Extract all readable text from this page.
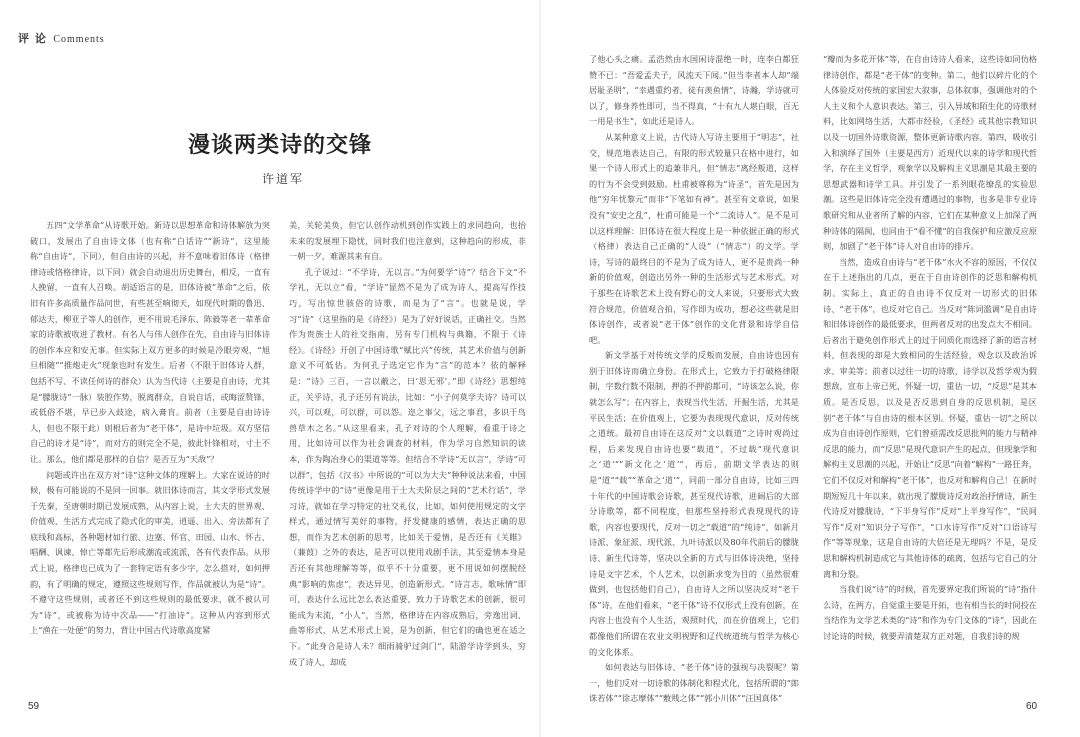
评 论 Comments
漫谈两类诗的交锋
许道军

五四“文学革命”从诗歌开始。新诗以思想革命和诗体解放为突破口，发展出了自由诗文体（也有称“白话诗”“新诗”，这里能称“自由诗”，下同），但自由诗的兴起，并不意味着旧体诗（格律律诗或恪格律诗，以下同）就会自动退出历史舞台，相反，一直有人挽留，一直有人召唤。胡适语言的是，旧体诗被“革命”之后，依旧有许多高质量作品问世，有些甚至响彻天，如现代时期的鲁迅、郁达夫，柳亚子等人的创作，更不用说毛泽东、陈毅等老一辈革命家的诗歌被收进了教材。有名人与伟人创作在先，自由诗与旧体诗的创作本应和安无事。但实际上双方更多的时候是冷眼旁观，“旭旦相随”“推炮走火”现象也时有发生。后者（不限于旧体诗人群，包括不写、不读任何诗的群众）认为当代诗（主要是自由诗，尤其是“朦胧诗”一脉）装腔作势，脱离群众，自说自话，或晦涩赘锋，或低俗不堪，早已步入歧途，病入膏肓。前者（主要是自由诗诗人，但也不限于此）则根后者为“老干体”，是诗中垃圾。双方坚信自己的诗才是“诗”，而对方的则完全不是，彼此针锋相对，寸土不让。那么，他们都是那样的自信？是否互为“天敌”？

问题或许出在双方对“诗”这种文体的理解上。大家在说诗的时候，极有可能说的不是同一回事。就旧体诗而言，其文学形式发展于先秦，至唐朝时期已发展成熟，从内容上说，士大夫的世界观、价值观、生活方式完成了隐式化的审美，逍遥、出入、旁法都有了底线和高标，各种题材如行旅、边塞、怀官、田园、山水、怀古、唱酬、讽谏、悼亡等都先后形成潮流或流派，各有代表作品。从形式上说，格律也已成为了一套特定语有多少字，怎么搭对，如何押韵，有了明确的规定，遵照这些规则写作，作品就被认为是“诗”。不遵守这些规则，或者还不到这些规则的最低要求，就不被认可为“诗”，或被称为诗中次品——“打油诗”。这种从内容到形式上“渔在一处便”的努力，背让中国古代诗歌高度紧

美，关轮美奂，但它认创作动机到创作实践上的求同趋向，也抬未来的发展埋下隐忧，同时我们也注意到，这种趋向的形成，非一朝一夕，难源其来有自。

孔子说过：“不学诗，无以言。”为何要学“诗”？结合下文“不学礼，无以立”看，“学诗”显然不是为了成为诗人，提高写作技巧，写出惊世骇俗的诗歌，而是为了“言”。也就是说，学习“诗”（这里指的是《诗经》）是为了好好说话，正确社交。当然作为贵族士人的社交指南，另有专门机构与典籍，不限于《诗经》。《诗经》开创了中国诗歌“赋比兴”传统，其艺术价值与创新意义不可低估。为何孔子选定它作为“言”的范本？依的解释是：“诗》三百，一言以蔽之，曰‘思无邪’。”即《诗经》思想纯正，关乎诗，孔子还另有说法，比如：“小子何莫学夫诗？诗可以兴，可以观，可以群，可以怨。迩之事父，远之事君，多识于鸟兽草木之名。”从这里看来，孔子对诗的个人理解，看重于诗之用，比如诗可以作为社会调查的材料，作为学习自然知识的读本，作为陶冶身心的渠道等等。但结合不学诗“无以言”，学诗“可以群”，包括《汉书》中所说的“可以为大夫”种种说法来看，中国传统诗学中的“诗”更像是用于士大夫阶层之间的“艺术行话”，学习诗，就如在学习特定的社交礼仪，比如，如何使用规定的文字样式，通过情写美好的事物，抒发健康的感情，表达正确的思想，而作为艺术创新的思考，比如关于爱情，是否还有《关睢》（蒹葭）之外的表达，是否可以使用戏剧手法，其至爱情本身是否还有其他理解等等，似乎不十分重要，更不用说如何摆脱经典“影响的焦虑”，表达异见，创造新形式。“诗言志，歌咏情”即可，表达什么远比怎么表达重要，致力于诗歌艺术的创新，很可能成为末流，“小人”，当然，格律诗在内容成熟后，旁逸出词、曲等形式，从艺术形式上说，是为创新，但它们的确也更在适之下。“此身合是诗人未？细雨骑驴过剑门”，陆游学诗学到头，穷成了诗人，却成

了他心头之痛。孟浩然由水国闲诗混绝一时，连李白都狂赞不已：“吾爱孟夫子，风流天下闻。”但当李者本人却“端居耻圣明”，“幸遇重约者，徒有羡鱼情”，诗瀚，学诗就可以了，修身养性即可，当不得真，“十有九人堪白眼，百无一用是书生”，如此还是诗人。

从某种意义上说，古代诗人写诗主要用于“明志”，社交，规范地表达自己，有限的形式较量只在格中进行，如果一个诗人形式上的追兼非凡，但“情志”离经叛道，这样的行为不会受到鼓励。杜甫被尊称为“诗圣”，首先是因为他“穷年忧黎元”而非“下笔如有神”。甚至有文章说，如果没有“安史之乱”，杜甫可能是一个“二流诗人”。是不是可以这样理解：旧体诗在很大程度上是一种依据正确的形式（格律）表达自己正确的“人设”（“情志”）的文学。学诗，写诗的最终目的不是为了成为诗人，更不是贵尚一种新的价值观，创造出另外一种的生活形式与艺术形式。对于那些在诗歌艺术上没有野心的文人来说，只要形式大致符合规范，价值观合拍，写作即为成功，想必这些就是旧体诗创作，或者说“老干体”创作的文化背景和诗学自信吧。

新文学基于对传统文学的反叛而发展，自由诗也因有别于旧体诗而确立身份。在形式上，它致力于打破格律限制，字数行数不限制，押韵不押韵都可，“诗该怎么说，你就怎么写”；在内容上，表现当代生活，开掘生活，尤其是平民生活；在价值观上，它要为表现现代意识，反对传统之道统。最初自由诗在这反对“文以载道”之诗时观尚过程，后来发现自由诗也要“载道”，不过载“现代意识之‘道’”“新文化之‘道’”，再后，前期文学表达的则是“道”“载”“革命之‘道’”，同前一部分自由诗，比如三四十年代的中国诗歌会诗歌，甚至现代诗歌，进阔后的大部分诗歌等，都不同程度，但那些坚持形式表现现代的诗歌，内容也要现代，反对一切之“载道”的“纯诗”，如新月诗派、象征派、现代派、九叶诗派以及80年代前后的朦胧诗、新生代诗等，坚决以全新的方式与旧体诗决绝，坚持诗是文字艺术，个人艺术，以创新求变为目的（虽然很难做到，也包括他们自己），自由诗人之所以坚决反对“老干体”诗，在他们看来，“老干体”诗不仅形式上没有创新，在内容上也没有个人生活，观照时代，而在价值观上，它们都像他们所谓在农业文明视野和辽代统道统与哲学为核心的文化体系。

如何表达与旧体诗、“老干体”诗的强视与决裂呢？第一，他们反对一切诗歌的体制化和程式化，包括所谓的“郎诛若体”“徐志摩体”“敷贱之体”“郭小川体”“汪国真体”

“瓣而为多花开体”等，在自由诗诗人看来，这些诗如同仿格律诗创作，都是“老干体”的变种。第二，他们以碎片化的个人体验反对传统的家国宏大叙事，总体叙事，强调他对的个人主义和个人意识表达。第三，引入异域和陌生化的诗歌材料，比如网络生活，大都市经验，《圣经》或其他宗教知识以及一切国外诗歌资源，整体更新诗歌内容。第四，吸收引入和演绎了国外（主要是西方）近现代以来的诗学和现代哲学，存在主义哲学，观象学以及解构主义思潮是其最主要的思想武器和诗学工具。并引发了一系列眼花缭乱的实验思潮。这些是旧体诗完全没有遭遇过的事物，也多是非专业诗歌研究和从业者所了解的内容，它们在某种意义上加深了两种诗体的隔阂，也同由于“看不懂”的自我保护和应激反应原则，加剧了“老干体”诗人对自由诗的排斥。

当然，造成自由诗与“老干体”水火不容的原因，不仅仅在于上述指出的几点，更在于自由诗创作的泛思和解构机制。实际上，真正的自由诗不仅反对一切形式的旧体诗、“老干体”，也反对它自己。当反对“陈词滥调”是自由诗和旧体诗创作的最低要求，但两者反对的出发点大不相同。后者出于避免创作形式上的过于同质化而选择了新的语言材料，但表现的却是大致相同的生活经验，观念以及政治诉求、审美等；前者以过往一切的诗歌，诗学以及哲学观为假想敌，宣布上帝已死，怀疑一切，重估一切，“反思”是其本质。是否反思，以及是否反思到自身的反思机制，是区别“老干体”与自由诗的根本区别。怀疑，重估一切”之所以成为自由诗创作原则，它们曾亟需改反思批判的能力与精神反思的能力，而“反思”是现代意识产生的起点，但现象学和解构主义思潮的兴起，开始让“反思”向着“解构”一路狂奔，它们不仅反对和解构“老干体”，也反对和解构自己！在新时期短短几十年以来，就出现了朦胧诗反对政治抒情诗，新生代诗反对朦胧诗，“下半身写作”反对“上半身写作”，“民间写作”反对“知识分子写作”，“口水诗写作”反对“口语诗写作”等等现象，这是自由诗的大倍还是无理吗？不是，是反思和解构机制造成它与其他诗体的疏离，包括与它自己的分离和分裂。

当我们说“诗”的时候，首先要界定我们所说的“诗”指什么诗，在两方，自觉重主要是开拓，也有相当长的时间投在当结作为文学艺术类的“诗”和作为专门文体的“诗”，因此在讨论诗的时候，就要弄清楚双方正对题，自我们诗的规

59	60
